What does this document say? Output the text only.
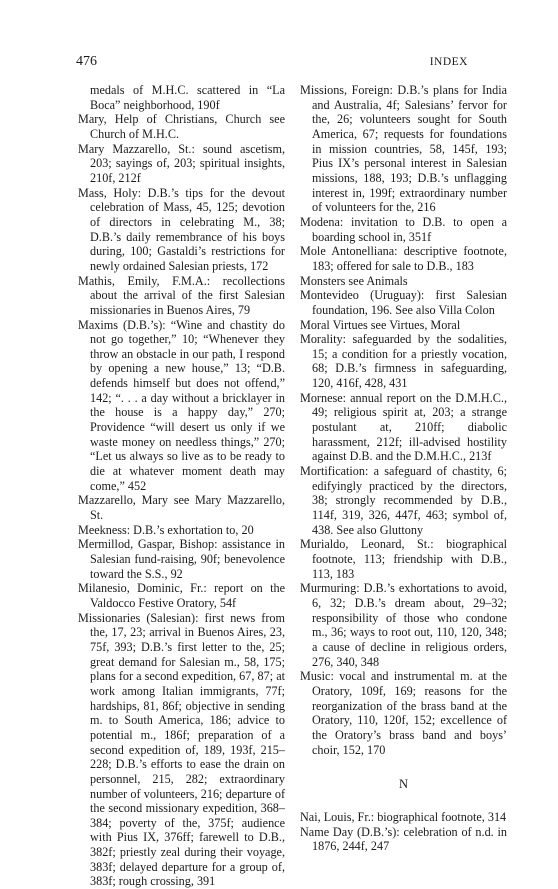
476	INDEX

medals of M.H.C. scattered in “La Boca” neighborhood, 190f

Mary, Help of Christians, Church see Church of M.H.C.

Mary Mazzarello, St.: sound ascetism, 203; sayings of, 203; spiritual insights, 210f, 212f

Mass, Holy: D.B.’s tips for the devout celebration of Mass, 45, 125; devotion of directors in celebrating M., 38; D.B.’s daily remembrance of his boys during, 100; Gastaldi’s restrictions for newly ordained Salesian priests, 172

Mathis, Emily, F.M.A.: recollections about the arrival of the first Salesian missionaries in Buenos Aires, 79

Maxims (D.B.’s): “Wine and chastity do not go together,” 10; “Whenever they throw an obstacle in our path, I respond by opening a new house,” 13; “D.B. defends himself but does not offend,” 142; “. . . a day without a bricklayer in the house is a happy day,” 270; Providence “will desert us only if we waste money on needless things,” 270; “Let us always so live as to be ready to die at whatever moment death may come,” 452

Mazzarello, Mary see Mary Mazzarello, St.

Meekness: D.B.’s exhortation to, 20

Mermillod, Gaspar, Bishop: assistance in Salesian fund-raising, 90f; benevolence toward the S.S., 92

Milanesio, Dominic, Fr.: report on the Valdocco Festive Oratory, 54f

Missionaries (Salesian): first news from the, 17, 23; arrival in Buenos Aires, 23, 75f, 393; D.B.’s first letter to the, 25; great demand for Salesian m., 58, 175; plans for a second expedition, 67, 87; at work among Italian immigrants, 77f; hardships, 81, 86f; objective in sending m. to South America, 186; advice to potential m., 186f; preparation of a second expedition of, 189, 193f, 215–228; D.B.’s efforts to ease the drain on personnel, 215, 282; extraordinary number of volunteers, 216; departure of the second missionary expedition, 368–384; poverty of the, 375f; audience with Pius IX, 376ff; farewell to D.B., 382f; priestly zeal during their voyage, 383f; delayed departure for a group of, 383f; rough crossing, 391

Missions, Foreign: D.B.’s plans for India and Australia, 4f; Salesians’ fervor for the, 26; volunteers sought for South America, 67; requests for foundations in mission countries, 58, 145f, 193; Pius IX’s personal interest in Salesian missions, 188, 193; D.B.’s unflagging interest in, 199f; extraordinary number of volunteers for the, 216

Modena: invitation to D.B. to open a boarding school in, 351f

Mole Antonelliana: descriptive footnote, 183; offered for sale to D.B., 183

Monsters see Animals

Montevideo (Uruguay): first Salesian foundation, 196. See also Villa Colon

Moral Virtues see Virtues, Moral

Morality: safeguarded by the sodalities, 15; a condition for a priestly vocation, 68; D.B.’s firmness in safeguarding, 120, 416f, 428, 431

Mornese: annual report on the D.M.H.C., 49; religious spirit at, 203; a strange postulant at, 210ff; diabolic harassment, 212f; ill-advised hostility against D.B. and the D.M.H.C., 213f

Mortification: a safeguard of chastity, 6; edifyingly practiced by the directors, 38; strongly recommended by D.B., 114f, 319, 326, 447f, 463; symbol of, 438. See also Gluttony

Murialdo, Leonard, St.: biographical footnote, 113; friendship with D.B., 113, 183

Murmuring: D.B.’s exhortations to avoid, 6, 32; D.B.’s dream about, 29–32; responsibility of those who condone m., 36; ways to root out, 110, 120, 348; a cause of decline in religious orders, 276, 340, 348

Music: vocal and instrumental m. at the Oratory, 109f, 169; reasons for the reorganization of the brass band at the Oratory, 110, 120f, 152; excellence of the Oratory’s brass band and boys’ choir, 152, 170

N

Nai, Louis, Fr.: biographical footnote, 314

Name Day (D.B.’s): celebration of n.d. in 1876, 244f, 247
